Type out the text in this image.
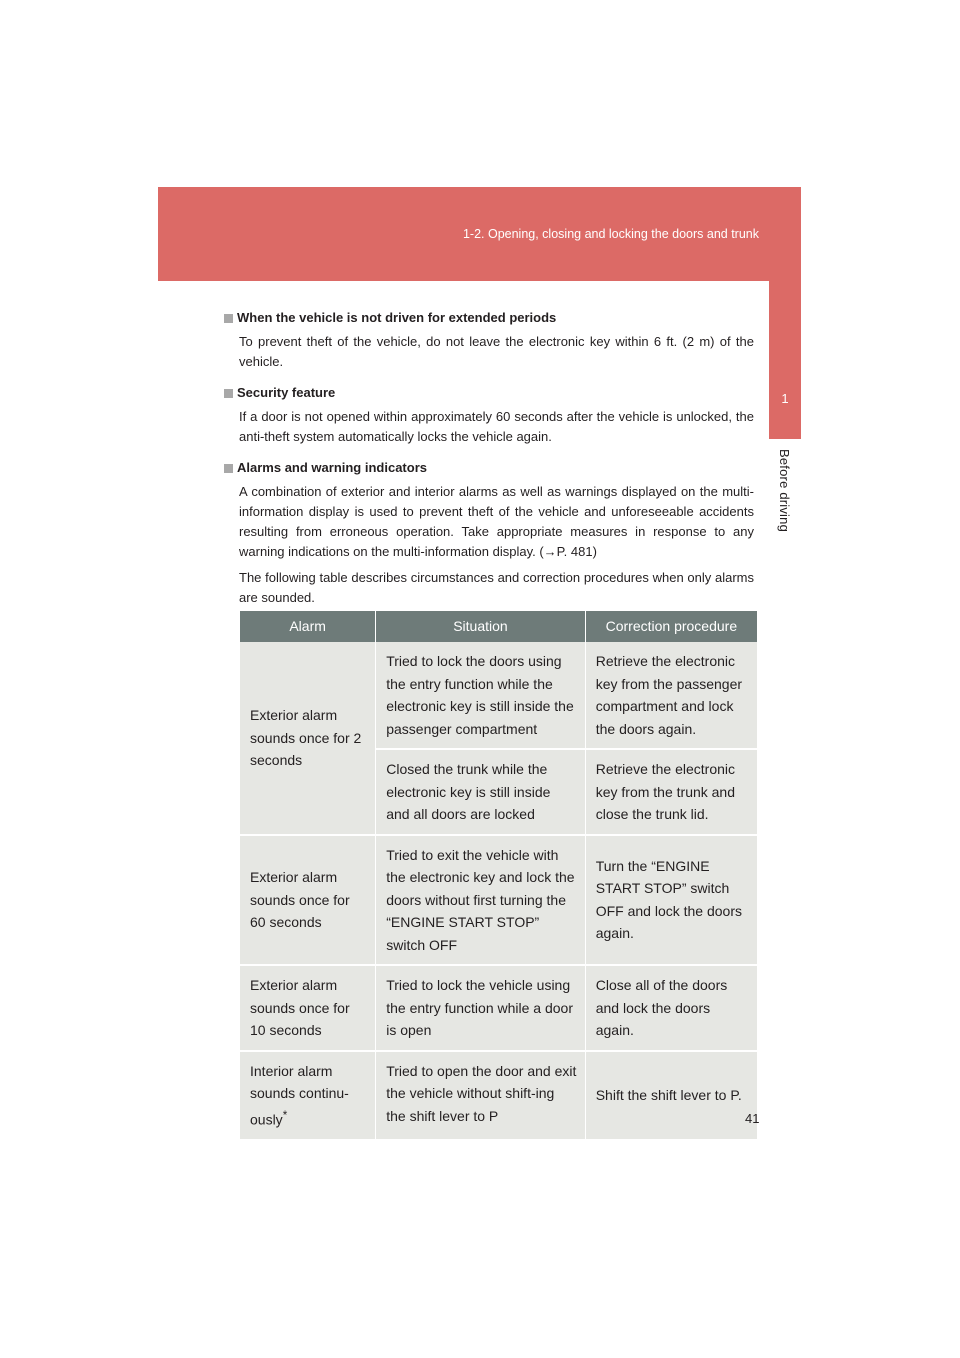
1-2. Opening, closing and locking the doors and trunk
1
Before driving

When the vehicle is not driven for extended periods

To prevent theft of the vehicle, do not leave the electronic key within 6 ft. (2 m) of the vehicle.

Security feature

If a door is not opened within approximately 60 seconds after the vehicle is unlocked, the anti-theft system automatically locks the vehicle again.

Alarms and warning indicators

A combination of exterior and interior alarms as well as warnings displayed on the multi-information display is used to prevent theft of the vehicle and unforeseeable accidents resulting from erroneous operation. Take appropriate measures in response to any warning indications on the multi-information display. (→P. 481)

The following table describes circumstances and correction procedures when only alarms are sounded.

Alarm	Situation	Correction procedure
Exterior alarm sounds once for 2 seconds	Tried to lock the doors using the entry function while the electronic key is still inside the passenger compartment	Retrieve the electronic key from the passenger compartment and lock the doors again.
	Closed the trunk while the electronic key is still inside and all doors are locked	Retrieve the electronic key from the trunk and close the trunk lid.
Exterior alarm sounds once for 60 seconds	Tried to exit the vehicle with the electronic key and lock the doors without first turning the “ENGINE START STOP” switch OFF	Turn the “ENGINE START STOP” switch OFF and lock the doors again.
Exterior alarm sounds once for 10 seconds	Tried to lock the vehicle using the entry function while a door is open	Close all of the doors and lock the doors again.
Interior alarm sounds continu-ously*	Tried to open the door and exit the vehicle without shift-ing the shift lever to P	Shift the shift lever to P.
41
